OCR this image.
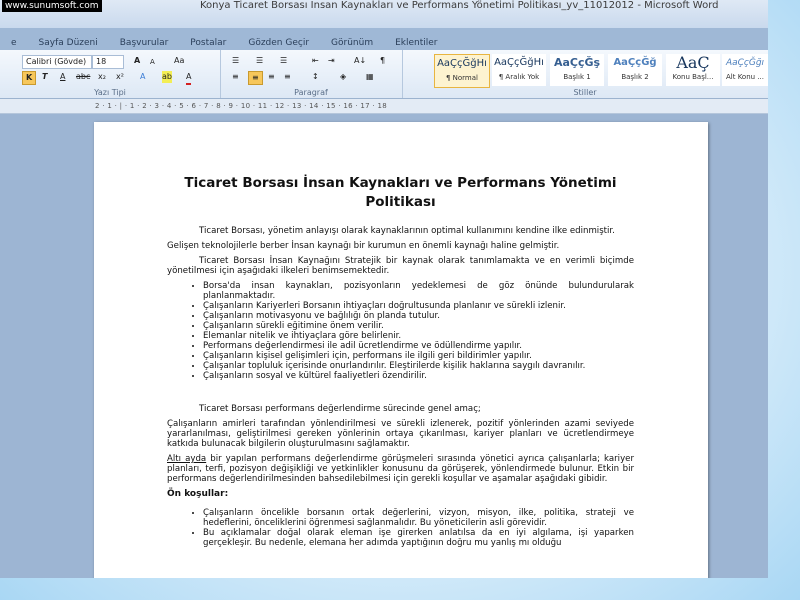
www.sunumsoft.com	Konya Ticaret Borsası İnsan Kaynakları ve Performans Yönetimi Politikası_yv_11012012 - Microsoft Word
e	Sayfa Düzeni	Başvurular	Postalar	Gözden Geçir	Görünüm	Eklentiler
Calibri (Gövde)	18	A A Aa
K	T A abc x₂ x² A ab A
Yazı Tipi
☰ ☰ ☰	⇤ ⇥ A↓ ¶
≡	≡	≡ ≡	↕	◈ ▦
Paragraf
AaÇçĞğHı
¶ Normal
AaÇçĞğHı
¶ Aralık Yok
AaÇçĞş
Başlık 1
AaÇçĞğ
Başlık 2
AaÇ
Konu Başl...
AaÇçĞğı
Alt Konu ...
Stiller
2 · 1 · | · 1 · 2 · 3 · 4 · 5 · 6 · 7 · 8 · 9 · 10 · 11 · 12 · 13 · 14 · 15 · 16 · 17 · 18
Ticaret Borsası İnsan Kaynakları ve Performans Yönetimi Politikası

Ticaret Borsası, yönetim anlayışı olarak kaynaklarının optimal kullanımını kendine ilke edinmiştir.

Gelişen teknolojilerle berber İnsan kaynağı bir kurumun en önemli kaynağı haline gelmiştir.

Ticaret Borsası İnsan Kaynağını Stratejik bir kaynak olarak tanımlamakta ve en verimli biçimde yönetilmesi için aşağıdaki ilkeleri benimsemektedir.

• Borsa'da insan kaynakları, pozisyonların yedeklemesi de göz önünde bulundurularak planlanmaktadır.
• Çalışanların Kariyerleri Borsanın ihtiyaçları doğrultusunda planlanır ve sürekli izlenir.
• Çalışanların motivasyonu ve bağlılığı ön planda tutulur.
• Çalışanların sürekli eğitimine önem verilir.
• Elemanlar nitelik ve ihtiyaçlara göre belirlenir.
• Performans değerlendirmesi ile adil ücretlendirme ve ödüllendirme yapılır.
• Çalışanların kişisel gelişimleri için, performans ile ilgili geri bildirimler yapılır.
• Çalışanlar topluluk içerisinde onurlandırılır. Eleştirilerde kişilik haklarına saygılı davranılır.
• Çalışanların sosyal ve kültürel faaliyetleri özendirilir.

Ticaret Borsası performans değerlendirme sürecinde genel amaç;

Çalışanların amirleri tarafından yönlendirilmesi ve sürekli izlenerek, pozitif yönlerinden azami seviyede yararlanılması, geliştirilmesi gereken yönlerinin ortaya çıkarılması, kariyer planları ve ücretlendirmeye katkıda bulunacak bilgilerin oluşturulmasını sağlamaktır.

Altı ayda bir yapılan performans değerlendirme görüşmeleri sırasında yönetici ayrıca çalışanlarla; kariyer planları, terfi, pozisyon değişikliği ve yetkinlikler konusunu da görüşerek, yönlendirmede bulunur. Etkin bir performans değerlendirilmesinden bahsedilebilmesi için gerekli koşullar ve aşamalar aşağıdaki gibidir.

Ön koşullar:

• Çalışanların öncelikle borsanın ortak değerlerini, vizyon, misyon, ilke, politika, strateji ve hedeflerini, önceliklerini öğrenmesi sağlanmalıdır. Bu yöneticilerin asli görevidir.
• Bu açıklamalar doğal olarak eleman işe girerken anlatılsa da en iyi algılama, işi yaparken gerçekleşir. Bu nedenle, elemana her adımda yaptığının doğru mu yanlış mı olduğu
